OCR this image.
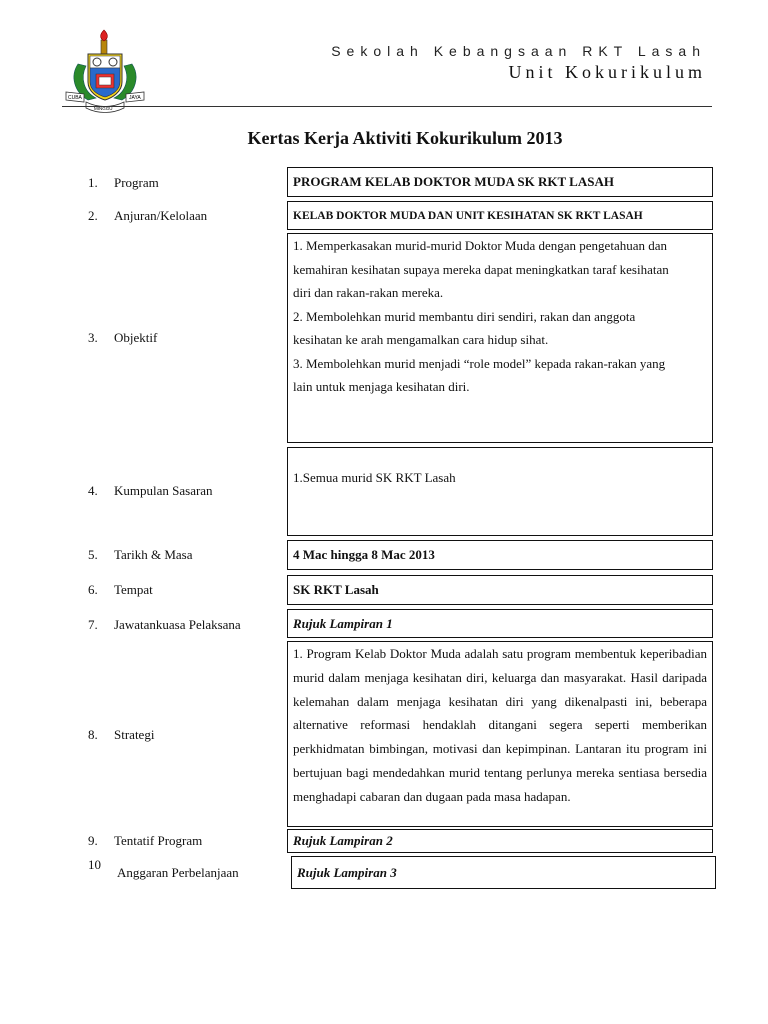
CUBA	JAYA
MINGGU
Sekolah Kebangsaan RKT Lasah
Unit Kokurikulum
Kertas Kerja Aktiviti Kokurikulum 2013
1. Program	PROGRAM KELAB DOKTOR MUDA SK RKT LASAH
2. Anjuran/Kelolaan	KELAB DOKTOR MUDA DAN UNIT KESIHATAN SK RKT LASAH
3. Objektif
1. Memperkasakan murid-murid Doktor Muda dengan pengetahuan dan
kemahiran kesihatan supaya mereka dapat meningkatkan taraf kesihatan
diri dan rakan-rakan mereka.
2. Membolehkan murid membantu diri sendiri, rakan dan anggota
kesihatan ke arah mengamalkan cara hidup sihat.
3. Membolehkan murid menjadi “role model” kepada rakan-rakan yang
lain untuk menjaga kesihatan diri.
4. Kumpulan Sasaran
1.Semua murid SK RKT Lasah
5. Tarikh & Masa	4 Mac hingga 8 Mac 2013
6. Tempat	SK RKT Lasah
7. Jawatankuasa Pelaksana	Rujuk Lampiran 1
8. Strategi
1. Program Kelab Doktor Muda adalah satu program membentuk keperibadian murid dalam menjaga kesihatan diri, keluarga dan masyarakat. Hasil daripada kelemahan dalam menjaga kesihatan diri yang dikenalpasti ini, beberapa alternative reformasi hendaklah ditangani segera seperti memberikan perkhidmatan bimbingan, motivasi dan kepimpinan. Lantaran itu program ini bertujuan bagi mendedahkan murid tentang perlunya mereka sentiasa bersedia menghadapi cabaran dan dugaan pada masa hadapan.
9. Tentatif Program	Rujuk Lampiran 2
10
Anggaran Perbelanjaan	Rujuk Lampiran 3
